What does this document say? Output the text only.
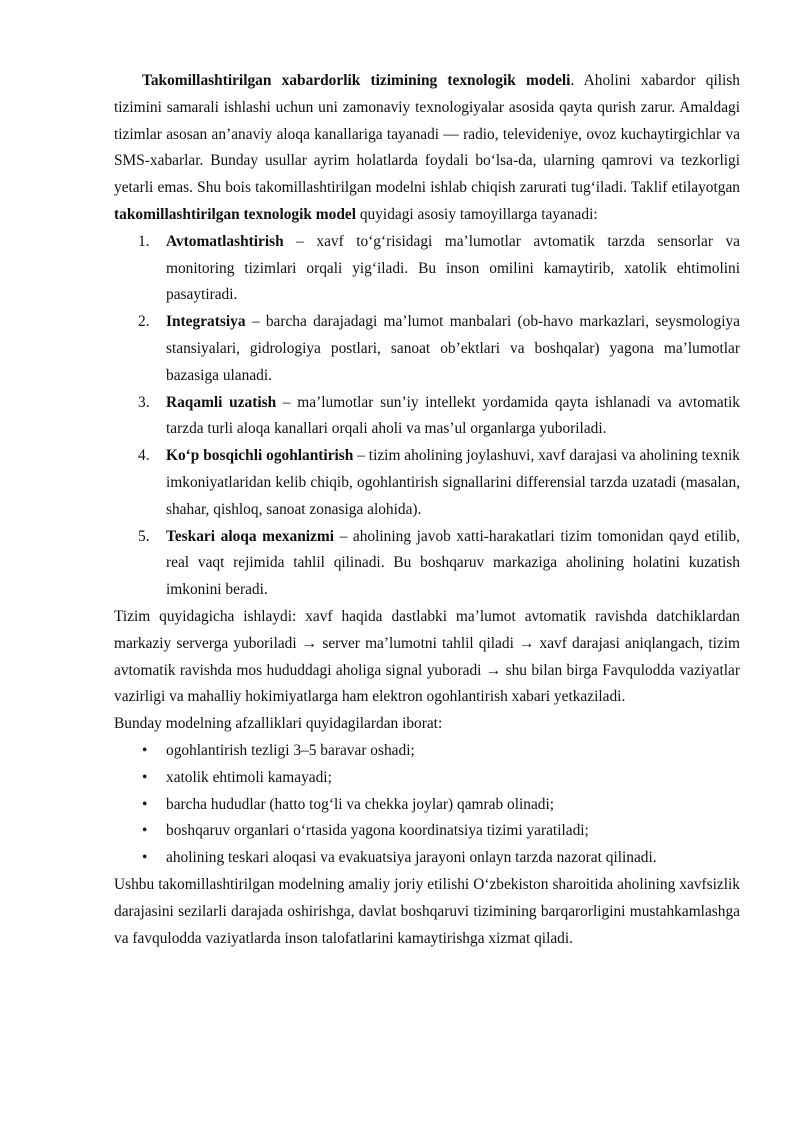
Takomillashtirilgan xabardorlik tizimining texnologik modeli. Aholini xabardor qilish tizimini samarali ishlashi uchun uni zamonaviy texnologiyalar asosida qayta qurish zarur. Amaldagi tizimlar asosan an’anaviy aloqa kanallariga tayanadi — radio, televideniye, ovoz kuchaytirgichlar va SMS-xabarlar. Bunday usullar ayrim holatlarda foydali bo‘lsa-da, ularning qamrovi va tezkorligi yetarli emas. Shu bois takomillashtirilgan modelni ishlab chiqish zarurati tug‘iladi. Taklif etilayotgan takomillashtirilgan texnologik model quyidagi asosiy tamoyillarga tayanadi:

1. Avtomatlashtirish – xavf to‘g‘risidagi ma’lumotlar avtomatik tarzda sensorlar va monitoring tizimlari orqali yig‘iladi. Bu inson omilini kamaytirib, xatolik ehtimolini pasaytiradi.
2. Integratsiya – barcha darajadagi ma’lumot manbalari (ob-havo markazlari, seysmologiya stansiyalari, gidrologiya postlari, sanoat ob’ektlari va boshqalar) yagona ma’lumotlar bazasiga ulanadi.
3. Raqamli uzatish – ma’lumotlar sun’iy intellekt yordamida qayta ishlanadi va avtomatik tarzda turli aloqa kanallari orqali aholi va mas’ul organlarga yuboriladi.
4. Ko‘p bosqichli ogohlantirish – tizim aholining joylashuvi, xavf darajasi va aholining texnik imkoniyatlaridan kelib chiqib, ogohlantirish signallarini differensial tarzda uzatadi (masalan, shahar, qishloq, sanoat zonasiga alohida).
5. Teskari aloqa mexanizmi – aholining javob xatti-harakatlari tizim tomonidan qayd etilib, real vaqt rejimida tahlil qilinadi. Bu boshqaruv markaziga aholining holatini kuzatish imkonini beradi.

Tizim quyidagicha ishlaydi: xavf haqida dastlabki ma’lumot avtomatik ravishda datchiklardan markaziy serverga yuboriladi → server ma’lumotni tahlil qiladi → xavf darajasi aniqlangach, tizim avtomatik ravishda mos hududdagi aholiga signal yuboradi → shu bilan birga Favqulodda vaziyatlar vazirligi va mahalliy hokimiyatlarga ham elektron ogohlantirish xabari yetkaziladi.

Bunday modelning afzalliklari quyidagilardan iborat:

• ogohlantirish tezligi 3–5 baravar oshadi;
• xatolik ehtimoli kamayadi;
• barcha hududlar (hatto tog‘li va chekka joylar) qamrab olinadi;
• boshqaruv organlari o‘rtasida yagona koordinatsiya tizimi yaratiladi;
• aholining teskari aloqasi va evakuatsiya jarayoni onlayn tarzda nazorat qilinadi.

Ushbu takomillashtirilgan modelning amaliy joriy etilishi O‘zbekiston sharoitida aholining xavfsizlik darajasini sezilarli darajada oshirishga, davlat boshqaruvi tizimining barqarorligini mustahkamlashga va favqulodda vaziyatlarda inson talofatlarini kamaytirishga xizmat qiladi.
